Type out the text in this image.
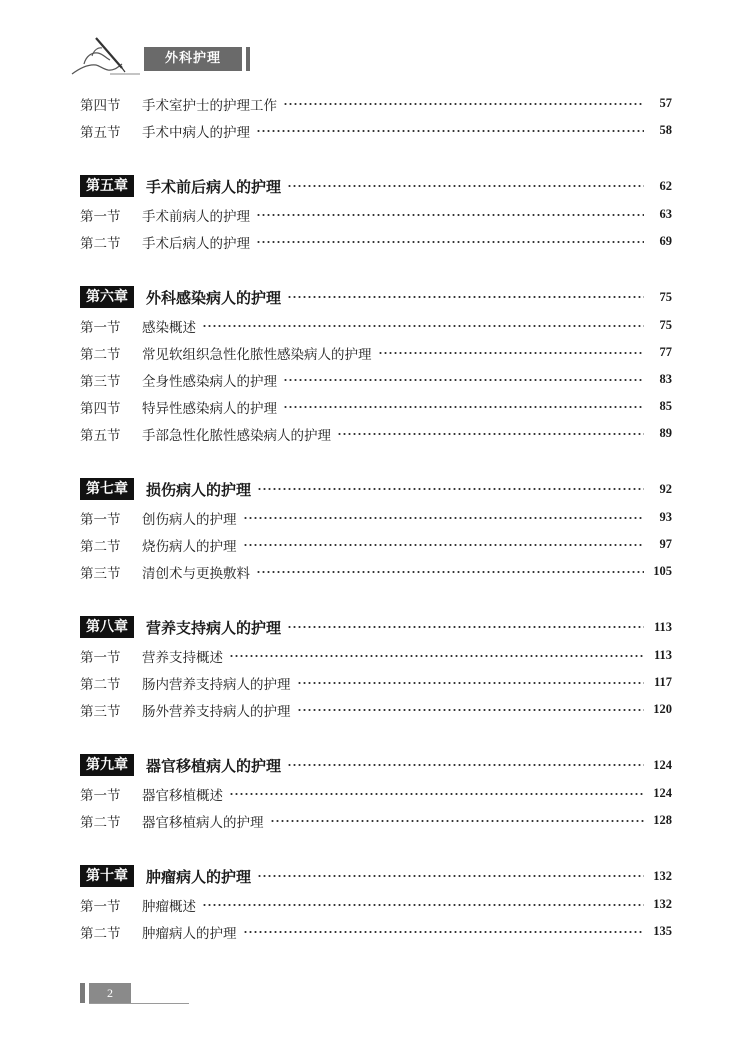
外科护理
第四节	手术室护士的护理工作	57
第五节	手术中病人的护理	58
第五章	手术前后病人的护理	62
第一节	手术前病人的护理	63
第二节	手术后病人的护理	69
第六章	外科感染病人的护理	75
第一节	感染概述	75
第二节	常见软组织急性化脓性感染病人的护理	77
第三节	全身性感染病人的护理	83
第四节	特异性感染病人的护理	85
第五节	手部急性化脓性感染病人的护理	89
第七章	损伤病人的护理	92
第一节	创伤病人的护理	93
第二节	烧伤病人的护理	97
第三节	清创术与更换敷料	105
第八章	营养支持病人的护理	113
第一节	营养支持概述	113
第二节	肠内营养支持病人的护理	117
第三节	肠外营养支持病人的护理	120
第九章	器官移植病人的护理	124
第一节	器官移植概述	124
第二节	器官移植病人的护理	128
第十章	肿瘤病人的护理	132
第一节	肿瘤概述	132
第二节	肿瘤病人的护理	135
2
